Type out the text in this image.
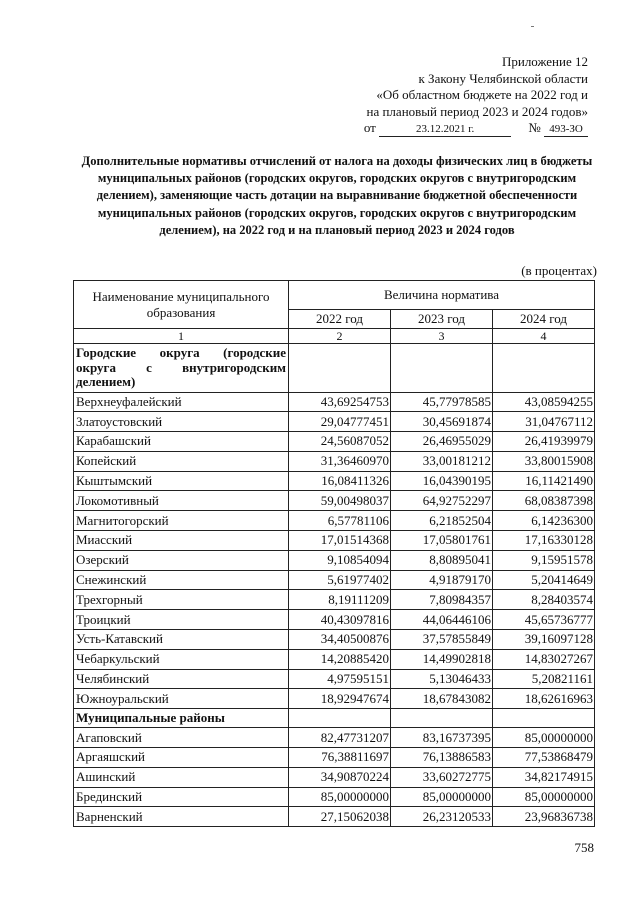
Приложение 12
к Закону Челябинской области
«Об областном бюджете на 2022 год и
на плановый период 2023 и 2024 годов»
от	23.12.2021 г.	№ 493-ЗО
Дополнительные нормативы отчислений от налога на доходы физических лиц в бюджеты муниципальных районов (городских округов, городских округов с внутригородским делением), заменяющие часть дотации на выравнивание бюджетной обеспеченности муниципальных районов (городских округов, городских округов с внутригородским делением), на 2022 год и на плановый период 2023 и 2024 годов
(в процентах)
Наименование муниципального образования	Величина норматива		
	2022 год	2023 год	2024 год
1	2	3	4
Городские округа (городские округа с внутригородским делением)			
Верхнеуфалейский	43,69254753	45,77978585	43,08594255
Златоустовский	29,04777451	30,45691874	31,04767112
Карабашский	24,56087052	26,46955029	26,41939979
Копейский	31,36460970	33,00181212	33,80015908
Кыштымский	16,08411326	16,04390195	16,11421490
Локомотивный	59,00498037	64,92752297	68,08387398
Магнитогорский	6,57781106	6,21852504	6,14236300
Миасский	17,01514368	17,05801761	17,16330128
Озерский	9,10854094	8,80895041	9,15951578
Снежинский	5,61977402	4,91879170	5,20414649
Трехгорный	8,19111209	7,80984357	8,28403574
Троицкий	40,43097816	44,06446106	45,65736777
Усть-Катавский	34,40500876	37,57855849	39,16097128
Чебаркульский	14,20885420	14,49902818	14,83027267
Челябинский	4,97595151	5,13046433	5,20821161
Южноуральский	18,92947674	18,67843082	18,62616963
Муниципальные районы			
Агаповский	82,47731207	83,16737395	85,00000000
Аргаяшский	76,38811697	76,13886583	77,53868479
Ашинский	34,90870224	33,60272775	34,82174915
Брединский	85,00000000	85,00000000	85,00000000
Варненский	27,15062038	26,23120533	23,96836738
758
